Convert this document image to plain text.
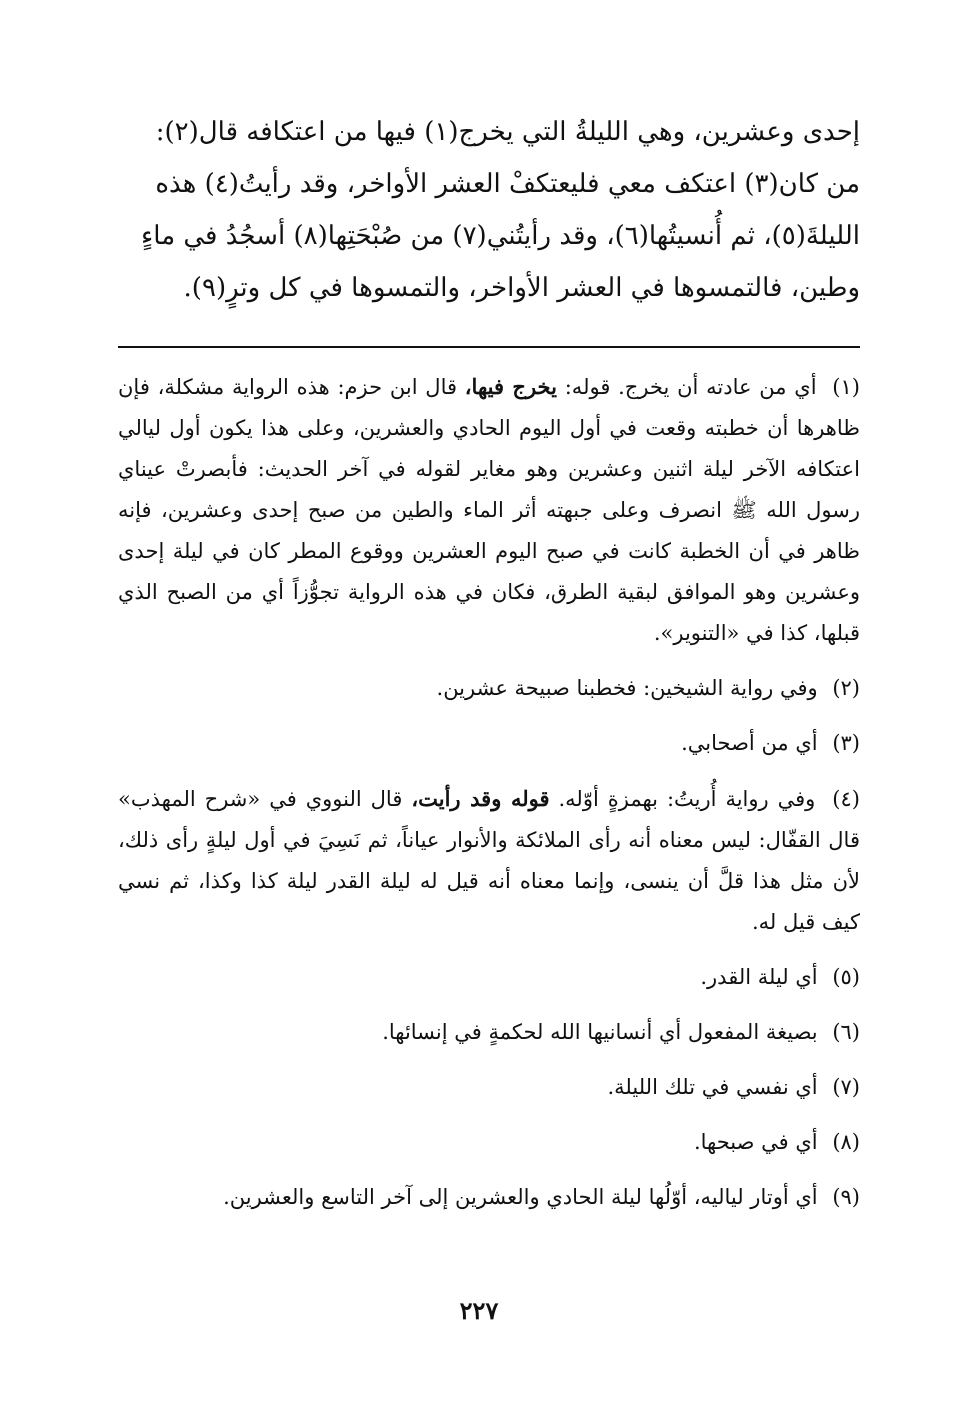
إحدى وعشرين، وهي الليلةُ التي يخرج(١) فيها من اعتكافه قال(٢):
من كان(٣) اعتكف معي فليعتكفْ العشر الأواخر، وقد رأيتُ(٤) هذه
الليلةَ(٥)، ثم أُنسيتُها(٦)، وقد رأيتُني(٧) من صُبْحَتِها(٨) أسجُدُ في ماءٍ
وطين، فالتمسوها في العشر الأواخر، والتمسوها في كل وترٍ(٩).
(١) أي من عادته أن يخرج. قوله: يخرج فيها، قال ابن حزم: هذه الرواية مشكلة، فإن ظاهرها أن خطبته وقعت في أول اليوم الحادي والعشرين، وعلى هذا يكون أول ليالي اعتكافه الآخر ليلة اثنين وعشرين وهو مغاير لقوله في آخر الحديث: فأبصرتْ عيناي رسول الله ﷺ انصرف وعلى جبهته أثر الماء والطين من صبح إحدى وعشرين، فإنه ظاهر في أن الخطبة كانت في صبح اليوم العشرين ووقوع المطر كان في ليلة إحدى وعشرين وهو الموافق لبقية الطرق، فكان في هذه الرواية تجوُّزاً أي من الصبح الذي قبلها، كذا في «التنوير».
(٢) وفي رواية الشيخين: فخطبنا صبيحة عشرين.
(٣) أي من أصحابي.
(٤) وفي رواية أُريتُ: بهمزةٍ أوّله. قوله وقد رأيت، قال النووي في «شرح المهذب» قال القفّال: ليس معناه أنه رأى الملائكة والأنوار عياناً، ثم نَسِيَ في أول ليلةٍ رأى ذلك، لأن مثل هذا قلَّ أن ينسى، وإنما معناه أنه قيل له ليلة القدر ليلة كذا وكذا، ثم نسي كيف قيل له.
(٥) أي ليلة القدر.
(٦) بصيغة المفعول أي أنسانيها الله لحكمةٍ في إنسائها.
(٧) أي نفسي في تلك الليلة.
(٨) أي في صبحها.
(٩) أي أوتار لياليه، أوّلُها ليلة الحادي والعشرين إلى آخر التاسع والعشرين.
٢٢٧
